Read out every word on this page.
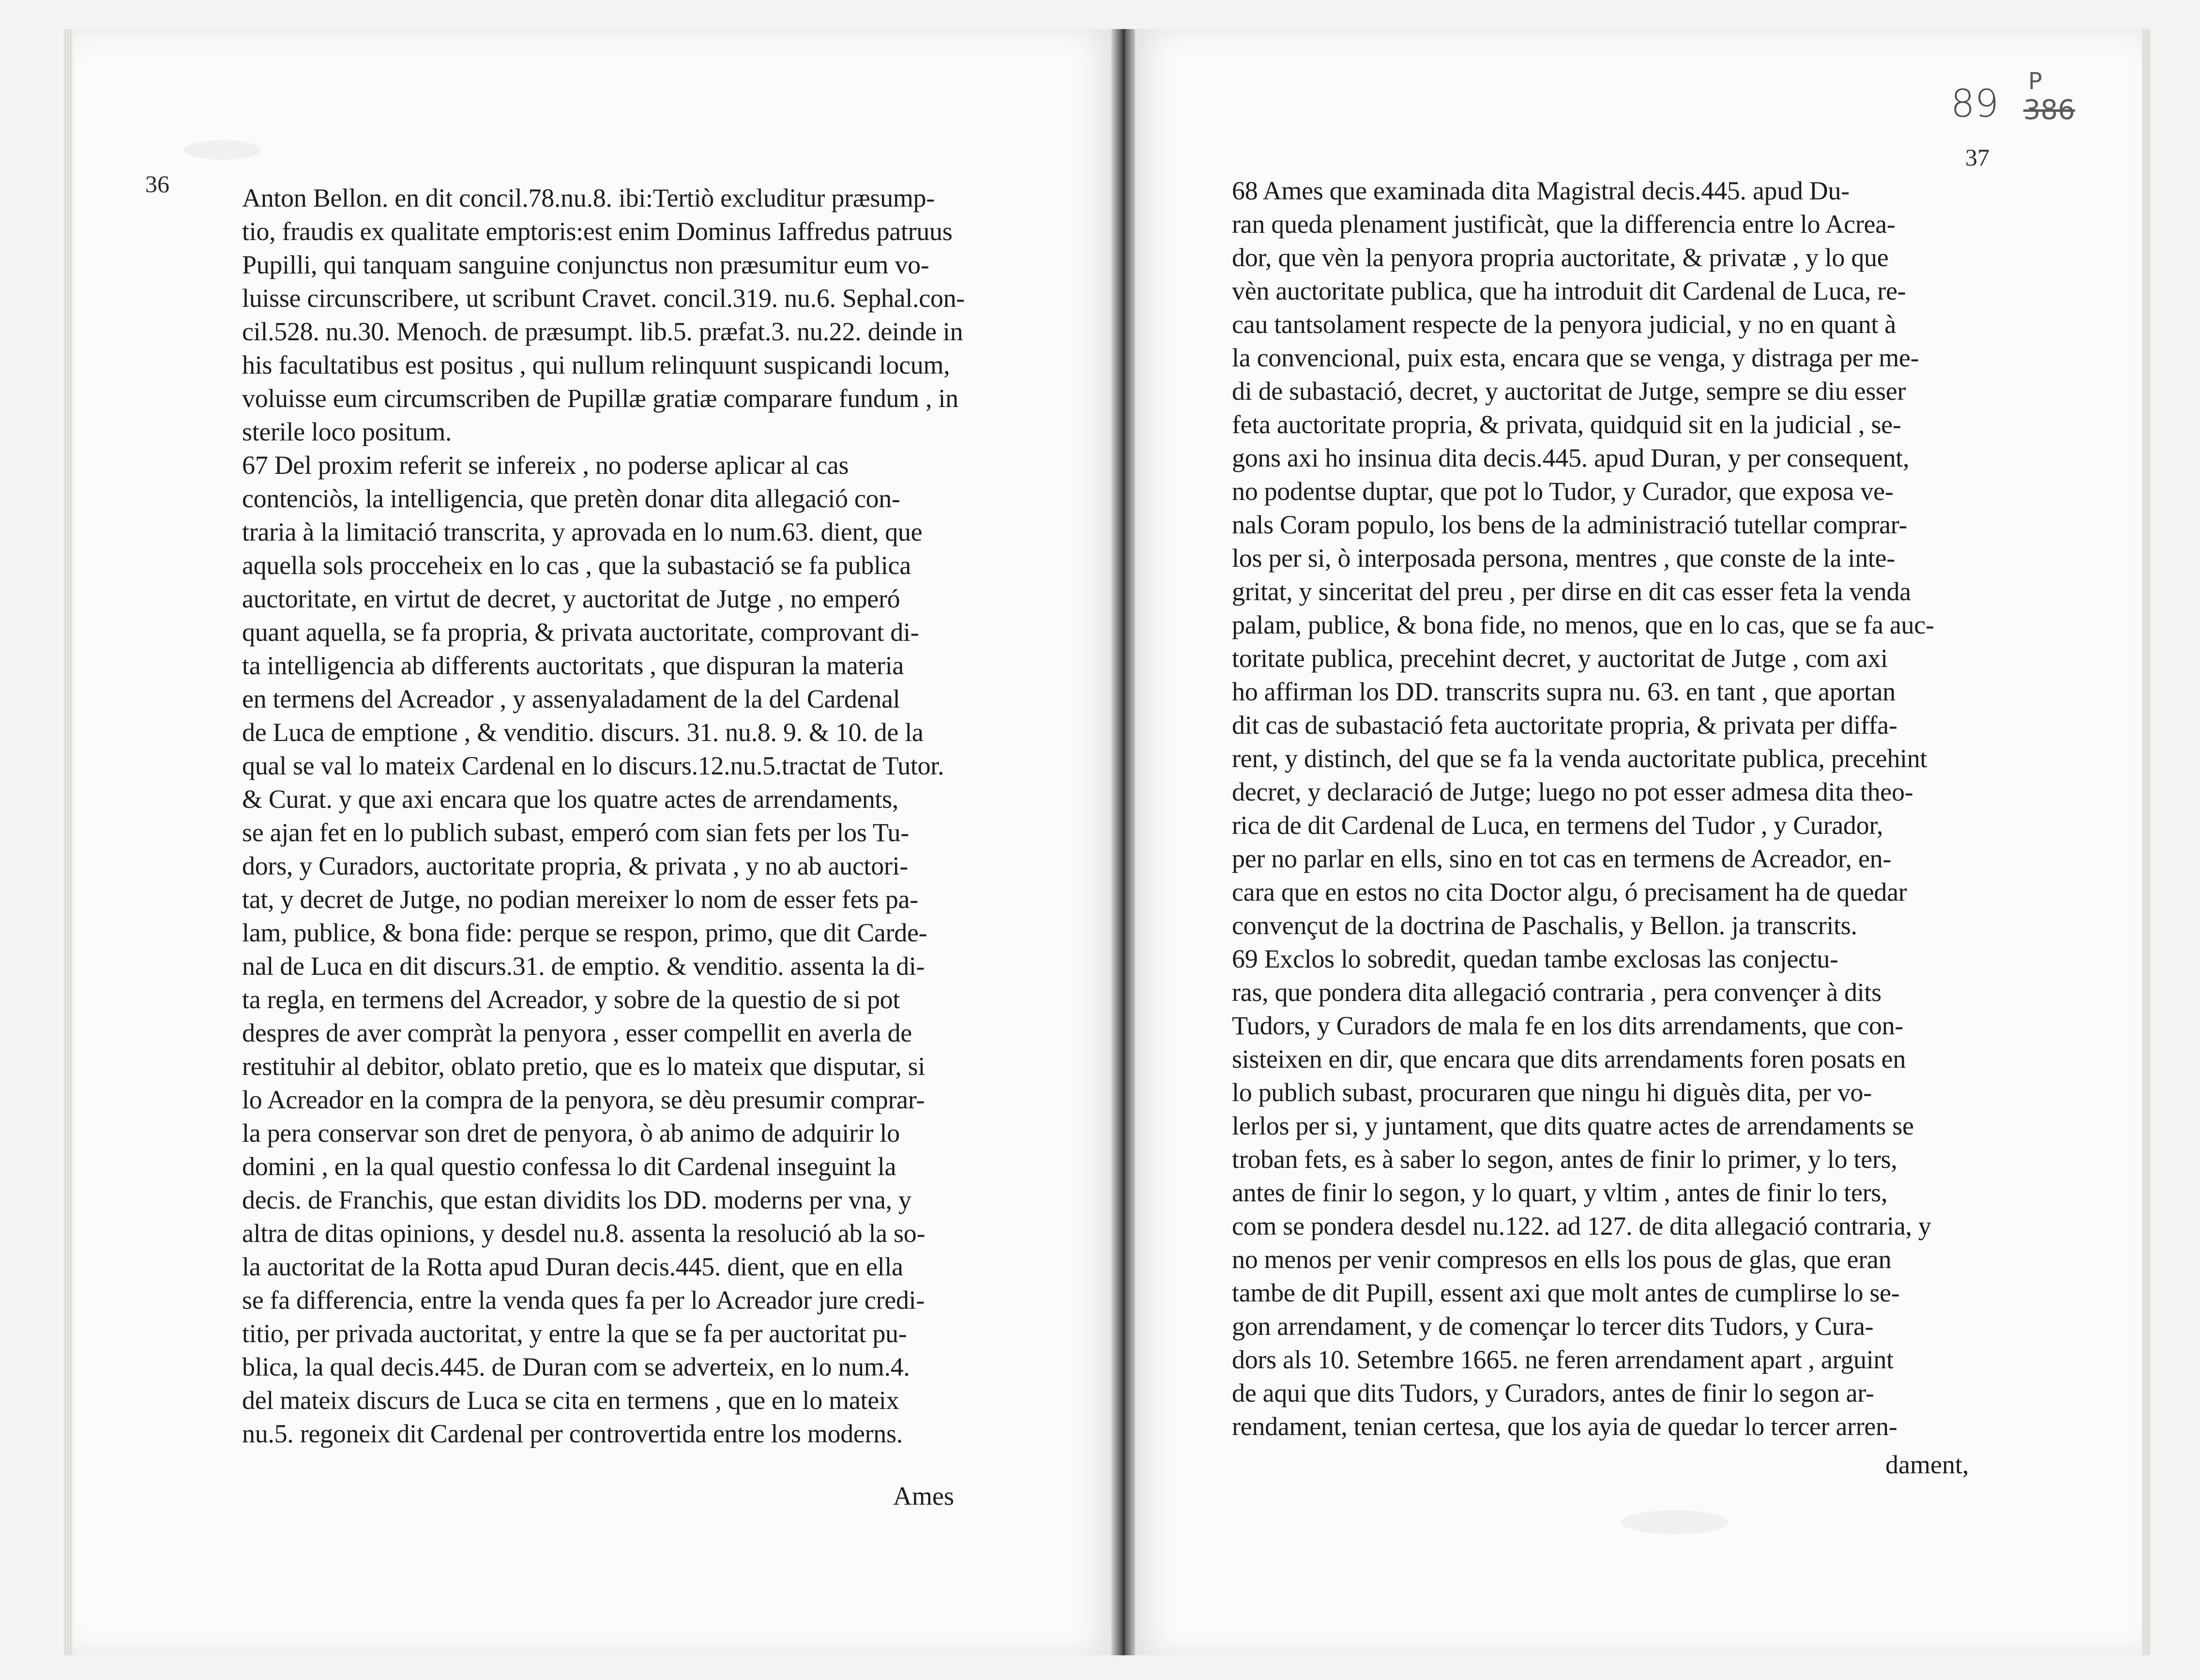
P
89 386
36
37
Anton Bellon. en dit concil.78.nu.8. ibi:Tertiò excluditur præsump-
tio, fraudis ex qualitate emptoris:est enim Dominus Iaffredus patruus
Pupilli, qui tanquam sanguine conjunctus non præsumitur eum vo-
luisse circunscribere, ut scribunt Cravet. concil.319. nu.6. Sephal.con-
cil.528. nu.30. Menoch. de præsumpt. lib.5. præfat.3. nu.22. deinde in
his facultatibus est positus , qui nullum relinquunt suspicandi locum,
voluisse eum circumscriben de Pupillæ gratiæ comparare fundum , in
sterile loco positum.
67 Del proxim referit se infereix , no poderse aplicar al cas
contenciòs, la intelligencia, que pretèn donar dita allegació con-
traria à la limitació transcrita, y aprovada en lo num.63. dient, que
aquella sols procceheix en lo cas , que la subastació se fa publica
auctoritate, en virtut de decret, y auctoritat de Jutge , no emperó
quant aquella, se fa propria, & privata auctoritate, comprovant di-
ta intelligencia ab differents auctoritats , que dispuran la materia
en termens del Acreador , y assenyaladament de la del Cardenal
de Luca de emptione , & venditio. discurs. 31. nu.8. 9. & 10. de la
qual se val lo mateix Cardenal en lo discurs.12.nu.5.tractat de Tutor.
& Curat. y que axi encara que los quatre actes de arrendaments,
se ajan fet en lo publich subast, emperó com sian fets per los Tu-
dors, y Curadors, auctoritate propria, & privata , y no ab auctori-
tat, y decret de Jutge, no podian mereixer lo nom de esser fets pa-
lam, publice, & bona fide: perque se respon, primo, que dit Carde-
nal de Luca en dit discurs.31. de emptio. & venditio. assenta la di-
ta regla, en termens del Acreador, y sobre de la questio de si pot
despres de aver compràt la penyora , esser compellit en averla de
restituhir al debitor, oblato pretio, que es lo mateix que disputar, si
lo Acreador en la compra de la penyora, se dèu presumir comprar-
la pera conservar son dret de penyora, ò ab animo de adquirir lo
domini , en la qual questio confessa lo dit Cardenal inseguint la
decis. de Franchis, que estan dividits los DD. moderns per vna, y
altra de ditas opinions, y desdel nu.8. assenta la resolució ab la so-
la auctoritat de la Rotta apud Duran decis.445. dient, que en ella
se fa differencia, entre la venda ques fa per lo Acreador jure credi-
titio, per privada auctoritat, y entre la que se fa per auctoritat pu-
blica, la qual decis.445. de Duran com se adverteix, en lo num.4.
del mateix discurs de Luca se cita en termens , que en lo mateix
nu.5. regoneix dit Cardenal per controvertida entre los moderns.
68 Ames que examinada dita Magistral decis.445. apud Du-
ran queda plenament justificàt, que la differencia entre lo Acrea-
dor, que vèn la penyora propria auctoritate, & privatæ , y lo que
vèn auctoritate publica, que ha introduit dit Cardenal de Luca, re-
cau tantsolament respecte de la penyora judicial, y no en quant à
la convencional, puix esta, encara que se venga, y distraga per me-
di de subastació, decret, y auctoritat de Jutge, sempre se diu esser
feta auctoritate propria, & privata, quidquid sit en la judicial , se-
gons axi ho insinua dita decis.445. apud Duran, y per consequent,
no podentse duptar, que pot lo Tudor, y Curador, que exposa ve-
nals Coram populo, los bens de la administració tutellar comprar-
los per si, ò interposada persona, mentres , que conste de la inte-
gritat, y sinceritat del preu , per dirse en dit cas esser feta la venda
palam, publice, & bona fide, no menos, que en lo cas, que se fa auc-
toritate publica, precehint decret, y auctoritat de Jutge , com axi
ho affirman los DD. transcrits supra nu. 63. en tant , que aportan
dit cas de subastació feta auctoritate propria, & privata per diffa-
rent, y distinch, del que se fa la venda auctoritate publica, precehint
decret, y declaració de Jutge; luego no pot esser admesa dita theo-
rica de dit Cardenal de Luca, en termens del Tudor , y Curador,
per no parlar en ells, sino en tot cas en termens de Acreador, en-
cara que en estos no cita Doctor algu, ó precisament ha de quedar
convençut de la doctrina de Paschalis, y Bellon. ja transcrits.
69 Exclos lo sobredit, quedan tambe exclosas las conjectu-
ras, que pondera dita allegació contraria , pera convençer à dits
Tudors, y Curadors de mala fe en los dits arrendaments, que con-
sisteixen en dir, que encara que dits arrendaments foren posats en
lo publich subast, procuraren que ningu hi diguès dita, per vo-
lerlos per si, y juntament, que dits quatre actes de arrendaments se
troban fets, es à saber lo segon, antes de finir lo primer, y lo ters,
antes de finir lo segon, y lo quart, y vltim , antes de finir lo ters,
com se pondera desdel nu.122. ad 127. de dita allegació contraria, y
no menos per venir compresos en ells los pous de glas, que eran
tambe de dit Pupill, essent axi que molt antes de cumplirse lo se-
gon arrendament, y de començar lo tercer dits Tudors, y Cura-
dors als 10. Setembre 1665. ne feren arrendament apart , arguint
de aqui que dits Tudors, y Curadors, antes de finir lo segon ar-
rendament, tenian certesa, que los ayia de quedar lo tercer arren-
Ames
dament,
